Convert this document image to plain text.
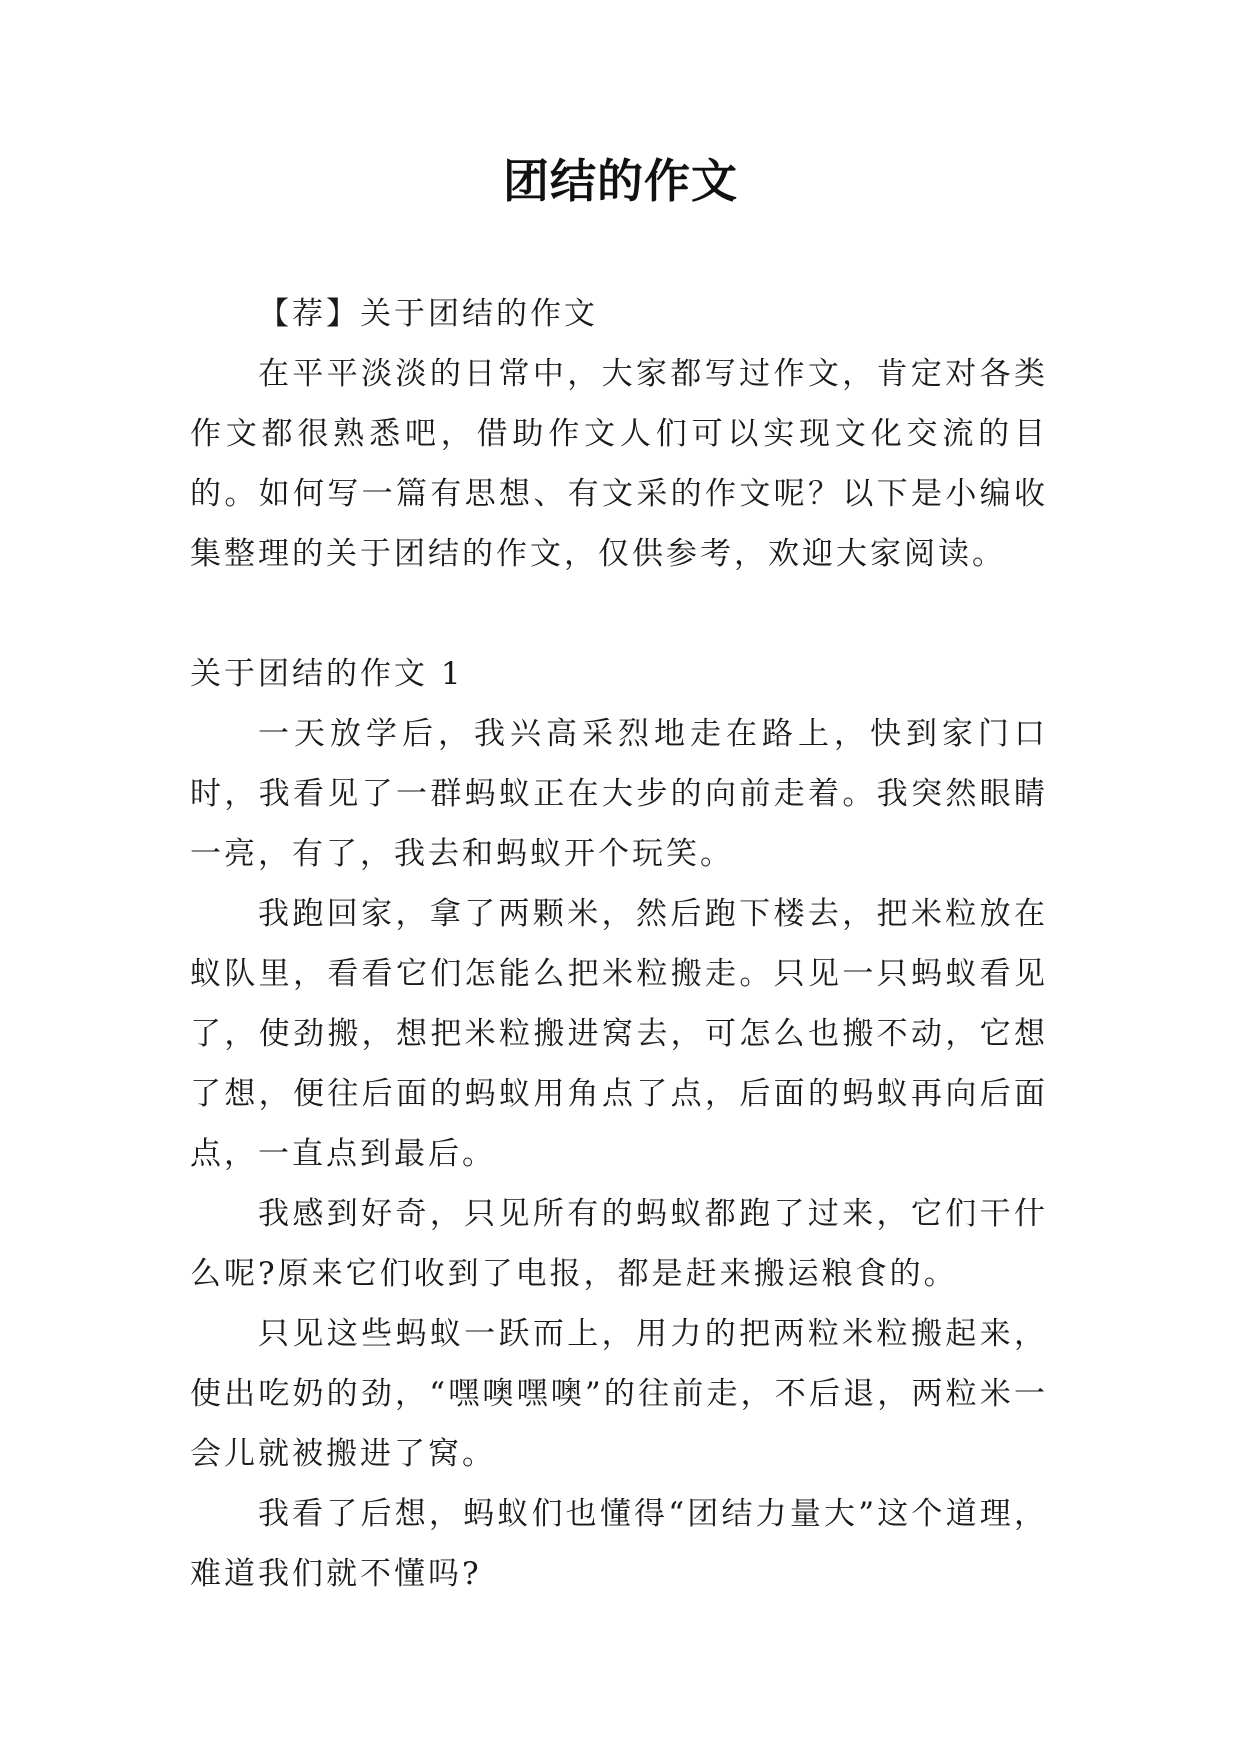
团结的作文

【荐】关于团结的作文

在平平淡淡的日常中，大家都写过作文，肯定对各类作文都很熟悉吧，借助作文人们可以实现文化交流的目的。如何写一篇有思想、有文采的作文呢？以下是小编收集整理的关于团结的作文，仅供参考，欢迎大家阅读。

关于团结的作文 1

一天放学后，我兴高采烈地走在路上，快到家门口时，我看见了一群蚂蚁正在大步的向前走着。我突然眼睛一亮，有了，我去和蚂蚁开个玩笑。

我跑回家，拿了两颗米，然后跑下楼去，把米粒放在蚁队里，看看它们怎能么把米粒搬走。只见一只蚂蚁看见了，使劲搬，想把米粒搬进窝去，可怎么也搬不动，它想了想，便往后面的蚂蚁用角点了点，后面的蚂蚁再向后面点，一直点到最后。

我感到好奇，只见所有的蚂蚁都跑了过来，它们干什么呢?原来它们收到了电报，都是赶来搬运粮食的。

只见这些蚂蚁一跃而上，用力的把两粒米粒搬起来，使出吃奶的劲，“嘿噢嘿噢”的往前走，不后退，两粒米一会儿就被搬进了窝。

我看了后想，蚂蚁们也懂得“团结力量大”这个道理，难道我们就不懂吗?
